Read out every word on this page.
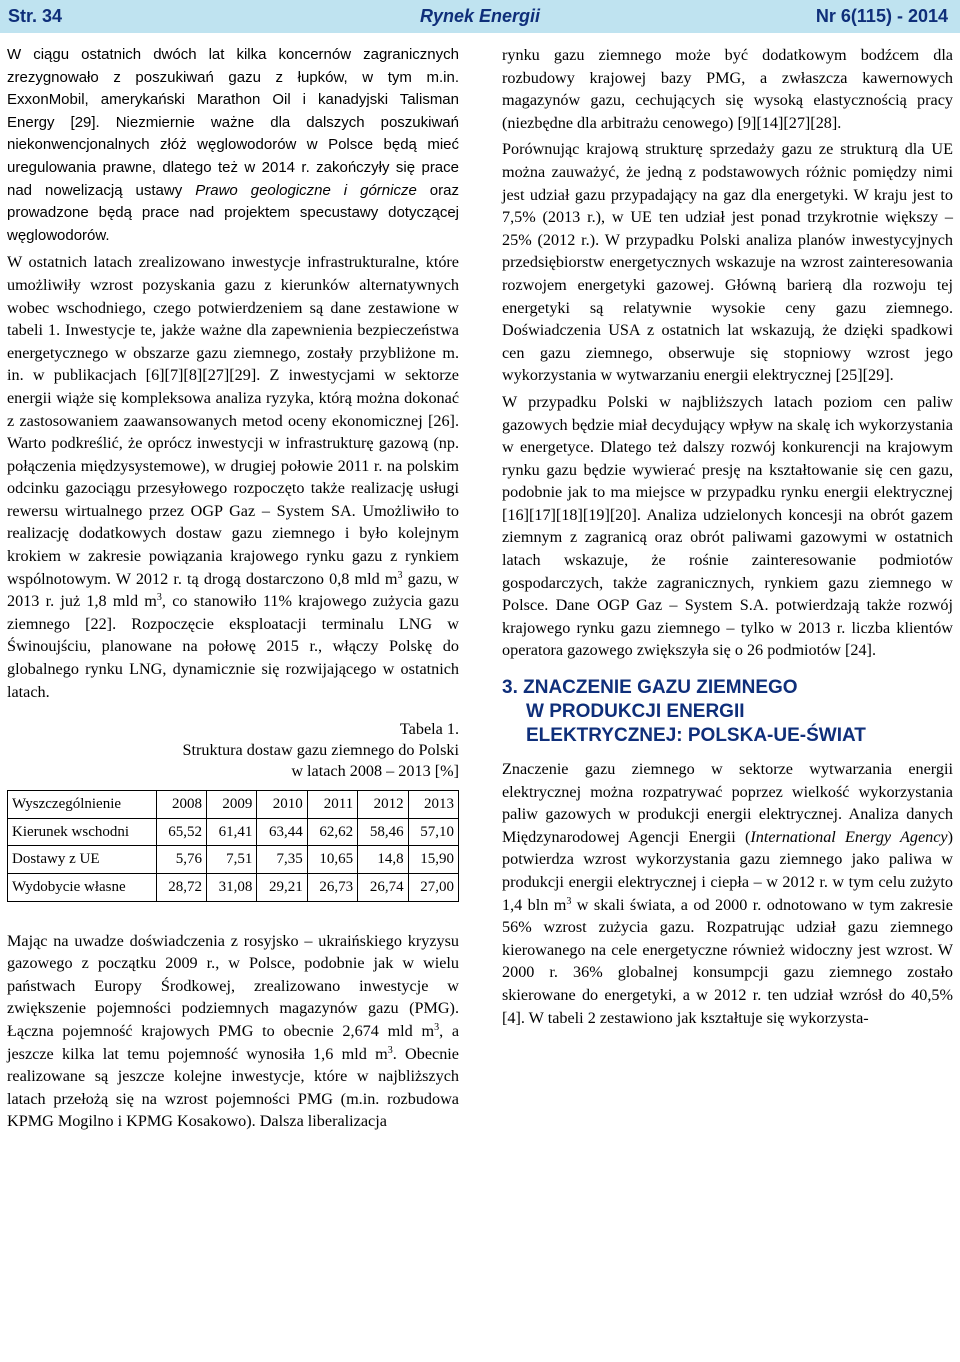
Str. 34	Rynek Energii	Nr 6(115) - 2014

W ciągu ostatnich dwóch lat kilka koncernów zagranicznych zrezygnowało z poszukiwań gazu z łupków, w tym m.in. ExxonMobil, amerykański Marathon Oil i kanadyjski Talisman Energy [29]. Niezmiernie ważne dla dalszych poszukiwań niekonwencjonalnych złóż węglowodorów w Polsce będą mieć uregulowania prawne, dlatego też w 2014 r. zakończyły się prace nad nowelizacją ustawy Prawo geologiczne i górnicze oraz prowadzone będą prace nad projektem specustawy dotyczącej węglowodorów.

W ostatnich latach zrealizowano inwestycje infrastrukturalne, które umożliwiły wzrost pozyskania gazu z kierunków alternatywnych wobec wschodniego, czego potwierdzeniem są dane zestawione w tabeli 1. Inwestycje te, jakże ważne dla zapewnienia bezpieczeństwa energetycznego w obszarze gazu ziemnego, zostały przybliżone m. in. w publikacjach [6][7][8][27][29]. Z inwestycjami w sektorze energii wiąże się kompleksowa analiza ryzyka, którą można dokonać z zastosowaniem zaawansowanych metod oceny ekonomicznej [26]. Warto podkreślić, że oprócz inwestycji w infrastrukturę gazową (np. połączenia międzysystemowe), w drugiej połowie 2011 r. na polskim odcinku gazociągu przesyłowego rozpoczęto także realizację usługi rewersu wirtualnego przez OGP Gaz – System SA. Umożliwiło to realizację dodatkowych dostaw gazu ziemnego i było kolejnym krokiem w zakresie powiązania krajowego rynku gazu z rynkiem wspólnotowym. W 2012 r. tą drogą dostarczono 0,8 mld $m^3$ gazu, w 2013 r. już 1,8 mld $m^3$, co stanowiło 11% krajowego zużycia gazu ziemnego [22]. Rozpoczęcie eksploatacji terminalu LNG w Świnoujściu, planowane na połowę 2015 r., włączy Polskę do globalnego rynku LNG, dynamicznie się rozwijającego w ostatnich latach.

Tabela 1.
Struktura dostaw gazu ziemnego do Polski
w latach 2008 – 2013 [%]
Wyszczególnienie	2008	2009	2010	2011	2012	2013
Kierunek wschodni	65,52	61,41	63,44	62,62	58,46	57,10
Dostawy z UE	5,76	7,51	7,35	10,65	14,8	15,90
Wydobycie własne	28,72	31,08	29,21	26,73	26,74	27,00

Mając na uwadze doświadczenia z rosyjsko – ukraińskiego kryzysu gazowego z początku 2009 r., w Polsce, podobnie jak w wielu państwach Europy Środkowej, zrealizowano inwestycje w zwiększenie pojemności podziemnych magazynów gazu (PMG). Łączna pojemność krajowych PMG to obecnie 2,674 mld $m^3$, a jeszcze kilka lat temu pojemność wynosiła 1,6 mld $m^3$. Obecnie realizowane są jeszcze kolejne inwestycje, które w najbliższych latach przełożą się na wzrost pojemności PMG (m.in. rozbudowa KPMG Mogilno i KPMG Kosakowo). Dalsza liberalizacja

rynku gazu ziemnego może być dodatkowym bodźcem dla rozbudowy krajowej bazy PMG, a zwłaszcza kawernowych magazynów gazu, cechujących się wysoką elastycznością pracy (niezbędne dla arbitrażu cenowego) [9][14][27][28].

Porównując krajową strukturę sprzedaży gazu ze strukturą dla UE można zauważyć, że jedną z podstawowych różnic pomiędzy nimi jest udział gazu przypadający na gaz dla energetyki. W kraju jest to 7,5% (2013 r.), w UE ten udział jest ponad trzykrotnie większy – 25% (2012 r.). W przypadku Polski analiza planów inwestycyjnych przedsiębiorstw energetycznych wskazuje na wzrost zainteresowania rozwojem energetyki gazowej. Główną barierą dla rozwoju tej energetyki są relatywnie wysokie ceny gazu ziemnego. Doświadczenia USA z ostatnich lat wskazują, że dzięki spadkowi cen gazu ziemnego, obserwuje się stopniowy wzrost jego wykorzystania w wytwarzaniu energii elektrycznej [25][29].

W przypadku Polski w najbliższych latach poziom cen paliw gazowych będzie miał decydujący wpływ na skalę ich wykorzystania w energetyce. Dlatego też dalszy rozwój konkurencji na krajowym rynku gazu będzie wywierać presję na kształtowanie się cen gazu, podobnie jak to ma miejsce w przypadku rynku energii elektrycznej [16][17][18][19][20]. Analiza udzielonych koncesji na obrót gazem ziemnym z zagranicą oraz obrót paliwami gazowymi w ostatnich latach wskazuje, że rośnie zainteresowanie podmiotów gospodarczych, także zagranicznych, rynkiem gazu ziemnego w Polsce. Dane OGP Gaz – System S.A. potwierdzają także rozwój krajowego rynku gazu ziemnego – tylko w 2013 r. liczba klientów operatora gazowego zwiększyła się o 26 podmiotów [24].

3. ZNACZENIE GAZU ZIEMNEGO
W PRODUKCJI ENERGII
ELEKTRYCZNEJ: POLSKA-UE-ŚWIAT

Znaczenie gazu ziemnego w sektorze wytwarzania energii elektrycznej można rozpatrywać poprzez wielkość wykorzystania paliw gazowych w produkcji energii elektrycznej. Analiza danych Międzynarodowej Agencji Energii (International Energy Agency) potwierdza wzrost wykorzystania gazu ziemnego jako paliwa w produkcji energii elektrycznej i ciepła – w 2012 r. w tym celu zużyto 1,4 bln $m^3$ w skali świata, a od 2000 r. odnotowano w tym zakresie 56% wzrost zużycia gazu. Rozpatrując udział gazu ziemnego kierowanego na cele energetyczne również widoczny jest wzrost. W 2000 r. 36% globalnej konsumpcji gazu ziemnego zostało skierowane do energetyki, a w 2012 r. ten udział wzrósł do 40,5% [4]. W tabeli 2 zestawiono jak kształtuje się wykorzysta-
